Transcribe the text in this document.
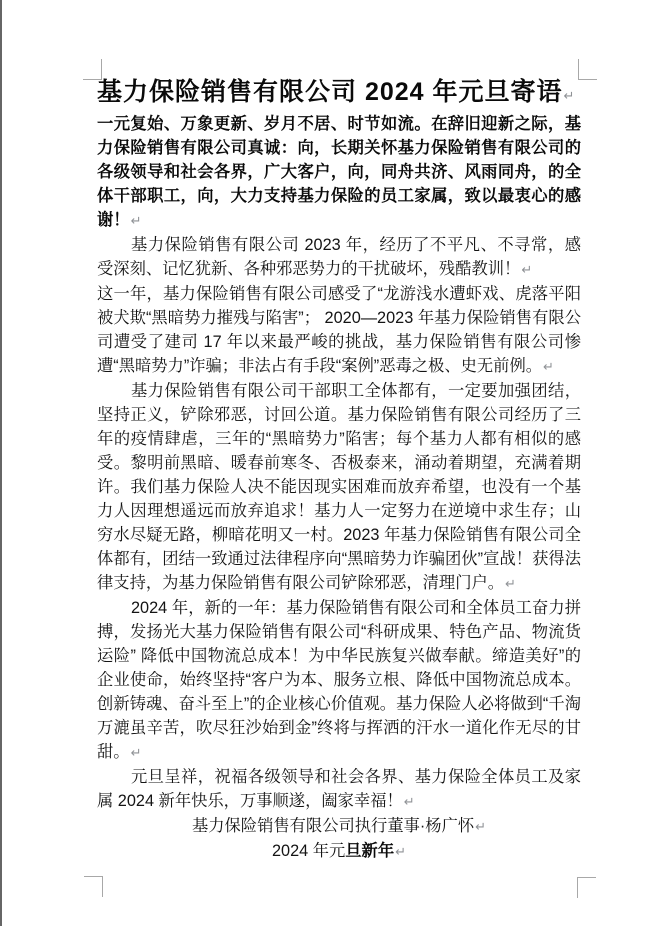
基力保险销售有限公司 2024 年元旦寄语↵

一元复始、万象更新、岁月不居、时节如流。在辞旧迎新之际，基力保险销售有限公司真诚：向，长期关怀基力保险销售有限公司的各级领导和社会各界，广大客户，向，同舟共济、风雨同舟，的全体干部职工，向，大力支持基力保险的员工家属，致以最衷心的感谢！↵

基力保险销售有限公司 2023 年，经历了不平凡、不寻常，感受深刻、记忆犹新、各种邪恶势力的干扰破坏，残酷教训！↵

这一年，基力保险销售有限公司感受了“龙游浅水遭虾戏、虎落平阳被犬欺“黑暗势力摧残与陷害”； 2020—2023 年基力保险销售有限公司遭受了建司 17 年以来最严峻的挑战，基力保险销售有限公司惨遭“黑暗势力”诈骗；非法占有手段“案例”恶毒之极、史无前例。↵

基力保险销售有限公司干部职工全体都有，一定要加强团结，坚持正义，铲除邪恶，讨回公道。基力保险销售有限公司经历了三年的疫情肆虐，三年的“黑暗势力”陷害；每个基力人都有相似的感受。黎明前黑暗、暖春前寒冬、否极泰来，涌动着期望，充满着期许。我们基力保险人决不能因现实困难而放弃希望，也没有一个基力人因理想遥远而放弃追求！基力人一定努力在逆境中求生存；山穷水尽疑无路，柳暗花明又一村。2023 年基力保险销售有限公司全体都有，团结一致通过法律程序向“黑暗势力诈骗团伙”宣战！获得法律支持，为基力保险销售有限公司铲除邪恶，清理门户。↵

2024 年，新的一年：基力保险销售有限公司和全体员工奋力拼搏，发扬光大基力保险销售有限公司“科研成果、特色产品、物流货运险” 降低中国物流总成本！为中华民族复兴做奉献。缔造美好”的企业使命，始终坚持“客户为本、服务立根、降低中国物流总成本。创新铸魂、奋斗至上”的企业核心价值观。基力保险人必将做到“千淘万漉虽辛苦，吹尽狂沙始到金”终将与挥洒的汗水一道化作无尽的甘甜。↵

元旦呈祥，祝福各级领导和社会各界、基力保险全体员工及家属 2024 新年快乐，万事顺遂，阖家幸福！↵

基力保险销售有限公司执行董事·杨广怀↵

2024 年元旦新年↵
